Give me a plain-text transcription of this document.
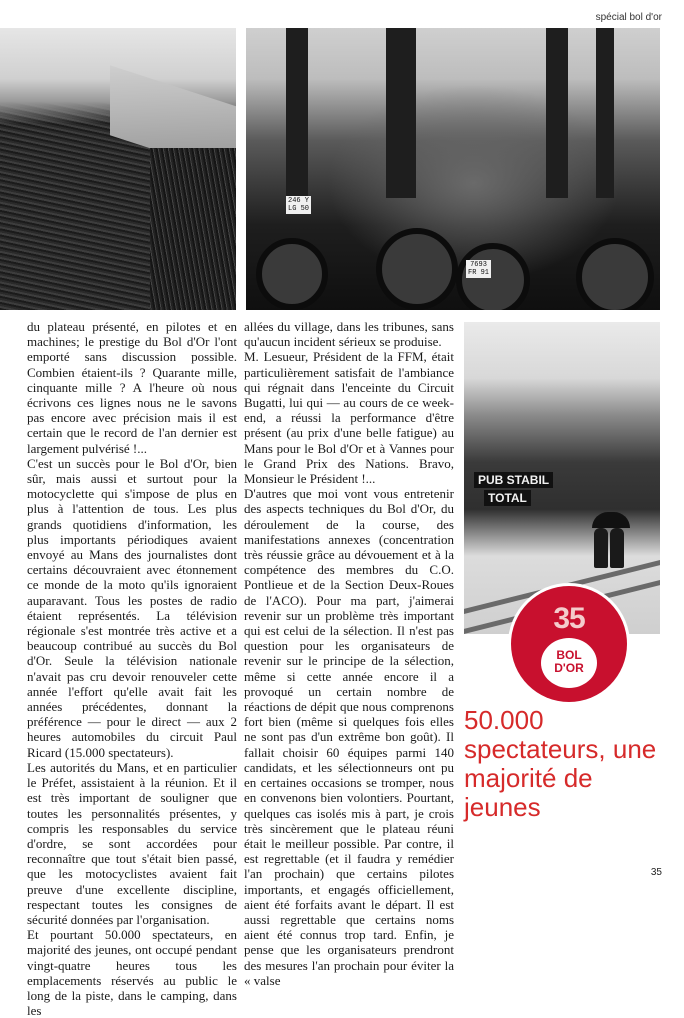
spécial bol d'or
246 Y
LG 50
7693
FR 91
PUB STABIL
TOTAL
35
BOL
D'OR

du plateau présenté, en pilotes et en machines; le prestige du Bol d'Or l'ont emporté sans discussion possible. Combien étaient-ils ? Quarante mille, cinquante mille ? A l'heure où nous écrivons ces lignes nous ne le savons pas encore avec précision mais il est certain que le record de l'an dernier est largement pulvérisé !...

C'est un succès pour le Bol d'Or, bien sûr, mais aussi et surtout pour la motocyclette qui s'impose de plus en plus à l'attention de tous. Les plus grands quotidiens d'information, les plus importants périodiques avaient envoyé au Mans des journalistes dont certains découvraient avec étonnement ce monde de la moto qu'ils ignoraient auparavant. Tous les postes de radio étaient représentés. La télévision régionale s'est montrée très active et a beaucoup contribué au succès du Bol d'Or. Seule la télévision nationale n'avait pas cru devoir renouveler cette année l'effort qu'elle avait fait les années précédentes, donnant la préférence — pour le direct — aux 2 heures automobiles du circuit Paul Ricard (15.000 spectateurs).

Les autorités du Mans, et en particulier le Préfet, assistaient à la réunion. Et il est très important de souligner que toutes les personnalités présentes, y compris les responsables du service d'ordre, se sont accordées pour reconnaître que tout s'était bien passé, que les motocyclistes avaient fait preuve d'une excellente discipline, respectant toutes les consignes de sécurité données par l'organisation.

Et pourtant 50.000 spectateurs, en majorité des jeunes, ont occupé pendant vingt-quatre heures tous les emplacements réservés au public le long de la piste, dans le camping, dans les

allées du village, dans les tribunes, sans qu'aucun incident sérieux se produise.

M. Lesueur, Président de la FFM, était particulièrement satisfait de l'ambiance qui régnait dans l'enceinte du Circuit Bugatti, lui qui — au cours de ce week-end, a réussi la performance d'être présent (au prix d'une belle fatigue) au Mans pour le Bol d'Or et à Vannes pour le Grand Prix des Nations. Bravo, Monsieur le Président !...

D'autres que moi vont vous entretenir des aspects techniques du Bol d'Or, du déroulement de la course, des manifestations annexes (concentration très réussie grâce au dévouement et à la compétence des membres du C.O. Pontlieue et de la Section Deux-Roues de l'ACO). Pour ma part, j'aimerai revenir sur un problème très important qui est celui de la sélection. Il n'est pas question pour les organisateurs de revenir sur le principe de la sélection, même si cette année encore il a provoqué un certain nombre de réactions de dépit que nous comprenons fort bien (même si quelques fois elles ne sont pas d'un extrême bon goût). Il fallait choisir 60 équipes parmi 140 candidats, et les sélectionneurs ont pu en certaines occasions se tromper, nous en convenons bien volontiers. Pourtant, quelques cas isolés mis à part, je crois très sincèrement que le plateau réuni était le meilleur possible. Par contre, il est regrettable (et il faudra y remédier l'an prochain) que certains pilotes importants, et engagés officiellement, aient été forfaits avant le départ. Il est aussi regrettable que certains noms aient été connus trop tard. Enfin, je pense que les organisateurs prendront des mesures l'an prochain pour éviter la « valse

50.000 spectateurs, une majorité de jeunes
35
